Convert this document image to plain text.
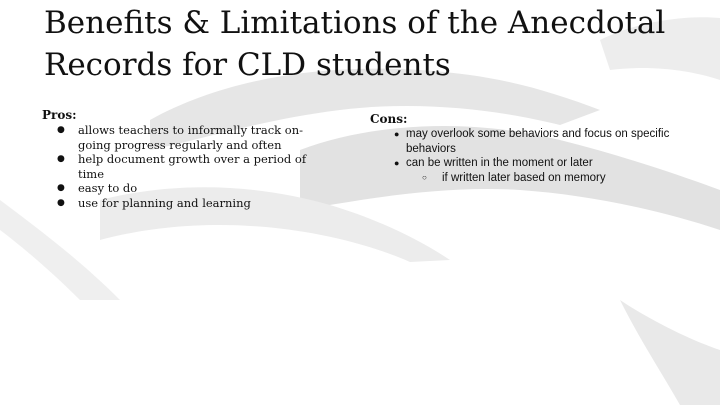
Benefits & Limitations of the Anecdotal
Records for CLD students
Pros:
● allows teachers to informally track on-going progress regularly and often
● help document growth over a period of time
● easy to do
● use for planning and learning
Cons:
● may overlook some behaviors and focus on specific behaviors
● can be written in the moment or later
○ if written later based on memory
